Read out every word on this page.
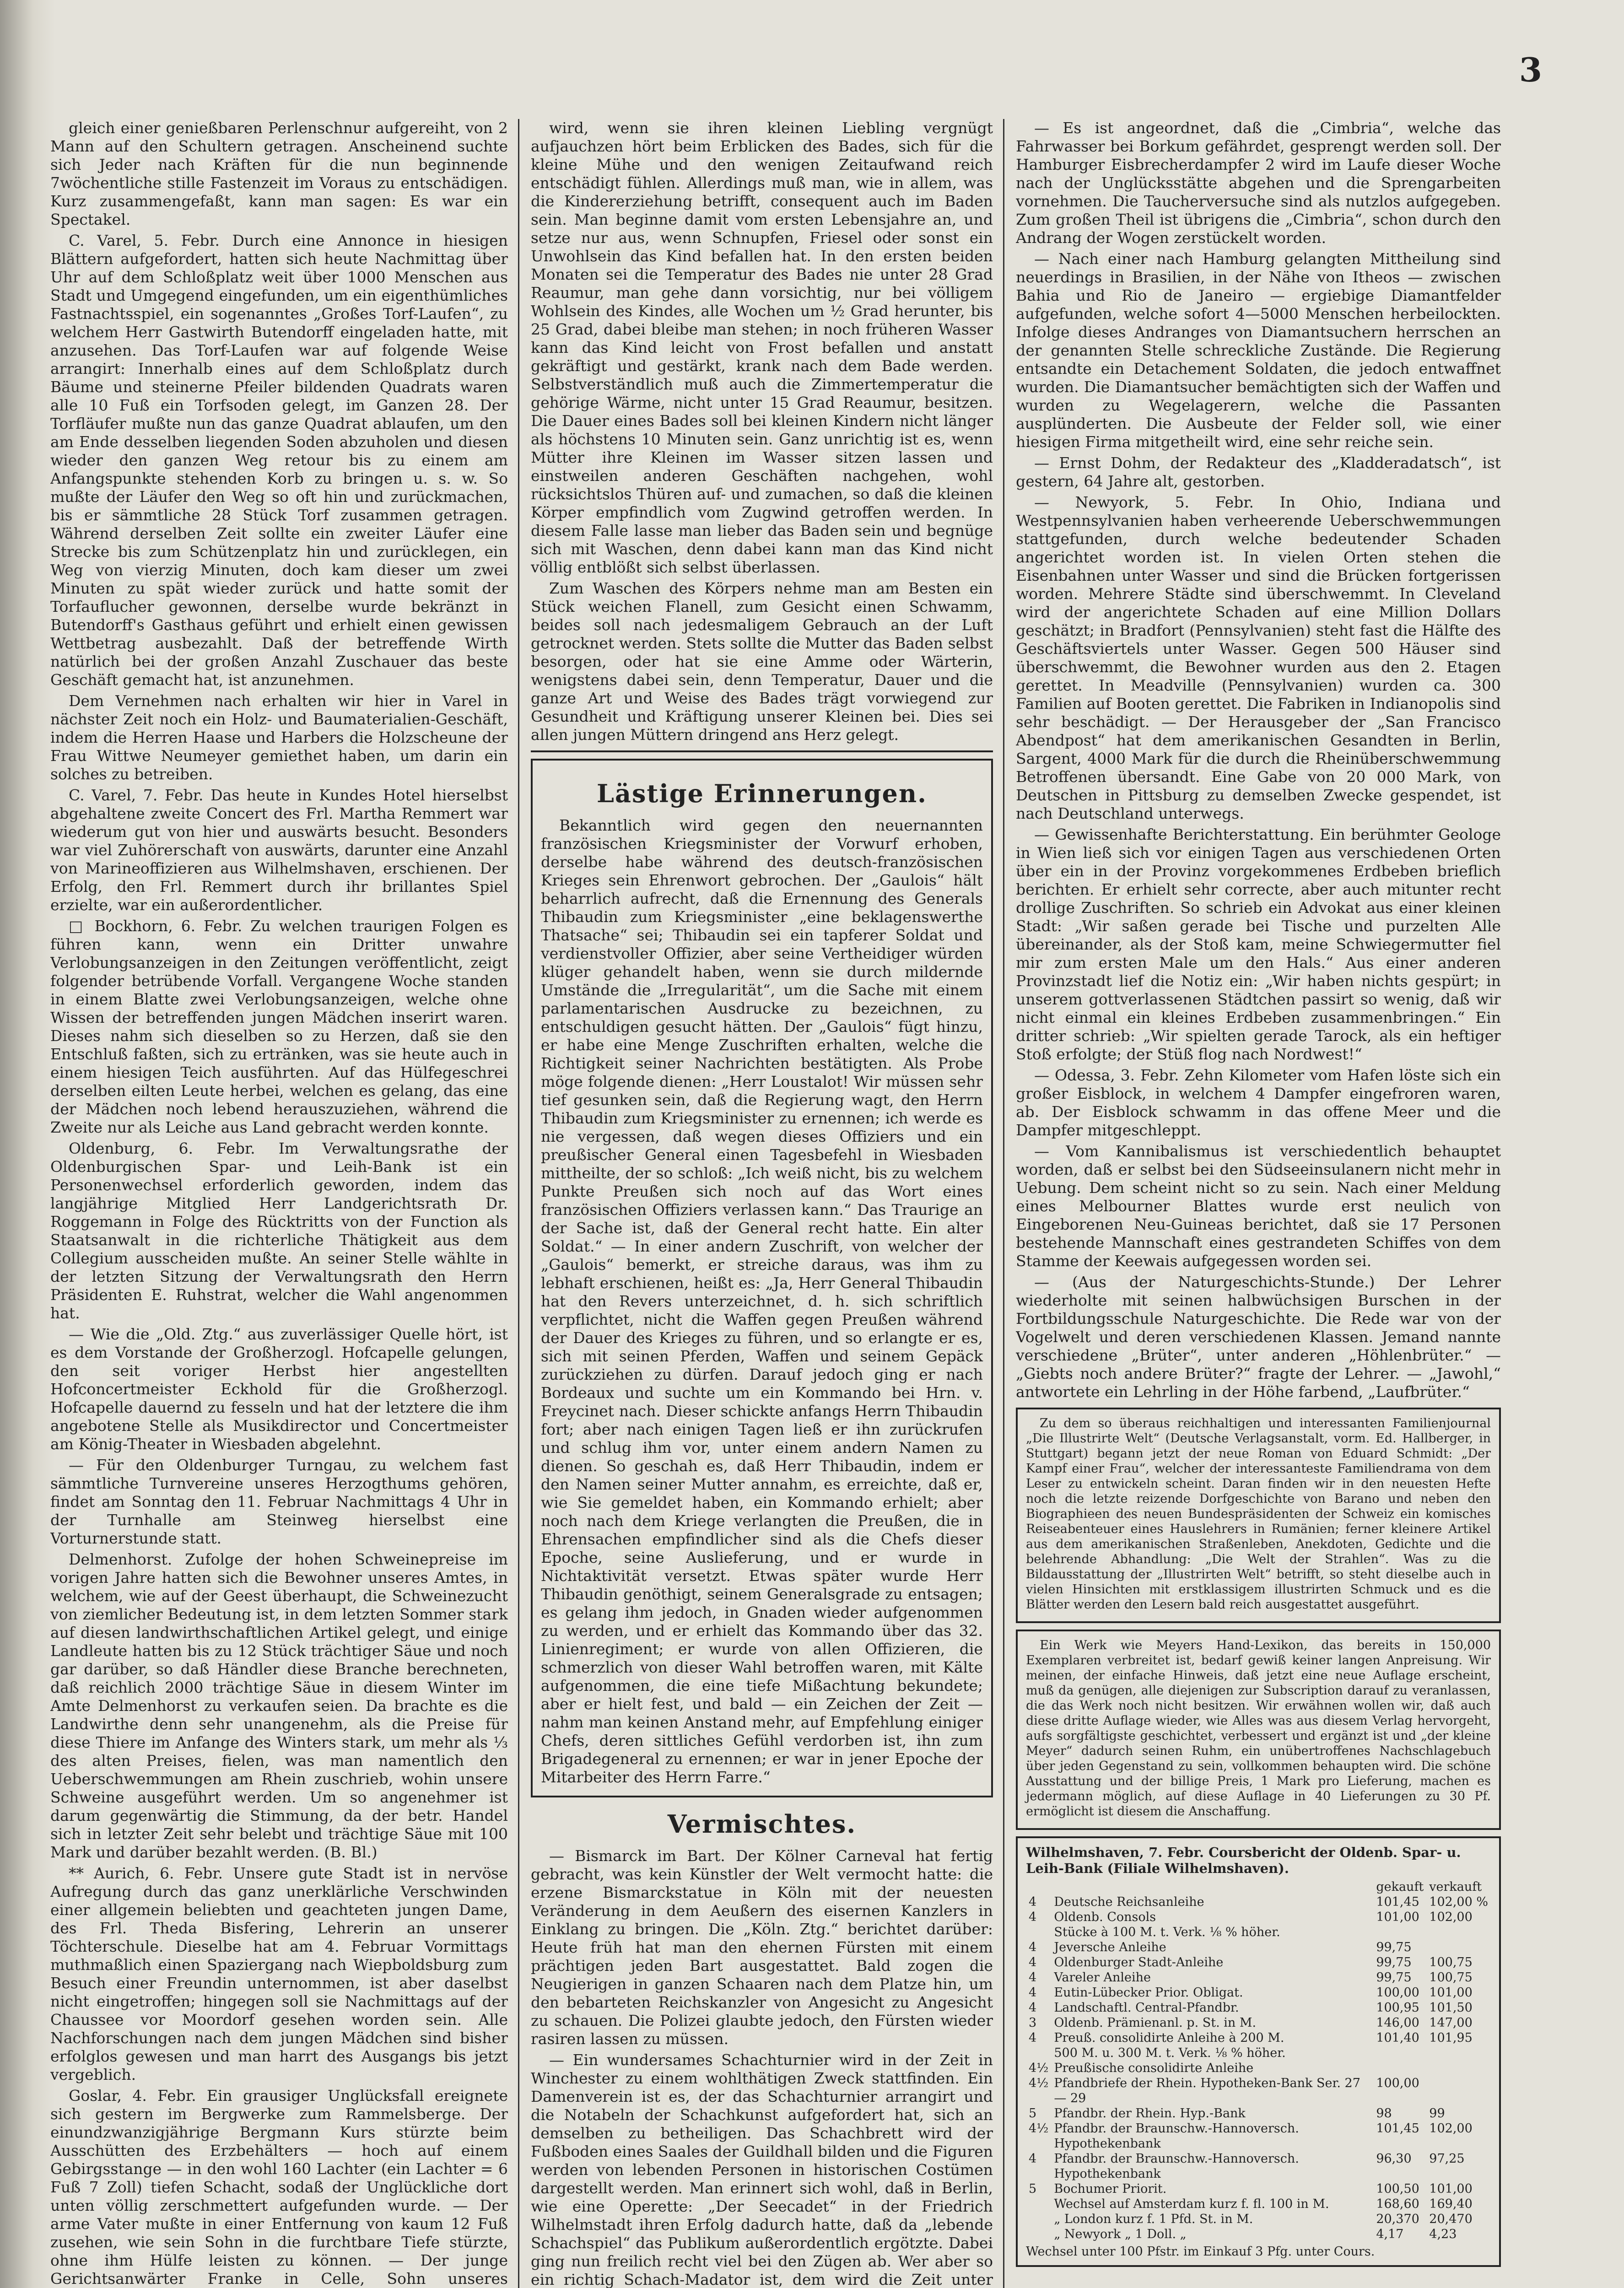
3

gleich einer genießbaren Perlenschnur aufgereiht, von 2 Mann auf den Schultern getragen. Anscheinend suchte sich Jeder nach Kräften für die nun beginnende 7wöchentliche stille Fastenzeit im Voraus zu entschädigen. Kurz zusammengefaßt, kann man sagen: Es war ein Spectakel.

C. Varel, 5. Febr. Durch eine Annonce in hiesigen Blättern aufgefordert, hatten sich heute Nachmittag über Uhr auf dem Schloßplatz weit über 1000 Menschen aus Stadt und Umgegend eingefunden, um ein eigenthümliches Fastnachtsspiel, ein sogenanntes „Großes Torf-Laufen“, zu welchem Herr Gastwirth Butendorff eingeladen hatte, mit anzusehen. Das Torf-Laufen war auf folgende Weise arrangirt: Innerhalb eines auf dem Schloßplatz durch Bäume und steinerne Pfeiler bildenden Quadrats waren alle 10 Fuß ein Torfsoden gelegt, im Ganzen 28. Der Torfläufer mußte nun das ganze Quadrat ablaufen, um den am Ende desselben liegenden Soden abzuholen und diesen wieder den ganzen Weg retour bis zu einem am Anfangspunkte stehenden Korb zu bringen u. s. w. So mußte der Läufer den Weg so oft hin und zurückmachen, bis er sämmtliche 28 Stück Torf zusammen getragen. Während derselben Zeit sollte ein zweiter Läufer eine Strecke bis zum Schützenplatz hin und zurücklegen, ein Weg von vierzig Minuten, doch kam dieser um zwei Minuten zu spät wieder zurück und hatte somit der Torfauflucher gewonnen, derselbe wurde bekränzt in Butendorff's Gasthaus geführt und erhielt einen gewissen Wettbetrag ausbezahlt. Daß der betreffende Wirth natürlich bei der großen Anzahl Zuschauer das beste Geschäft gemacht hat, ist anzunehmen.

Dem Vernehmen nach erhalten wir hier in Varel in nächster Zeit noch ein Holz- und Baumaterialien-Geschäft, indem die Herren Haase und Harbers die Holzscheune der Frau Wittwe Neumeyer gemiethet haben, um darin ein solches zu betreiben.

C. Varel, 7. Febr. Das heute in Kundes Hotel hierselbst abgehaltene zweite Concert des Frl. Martha Remmert war wiederum gut von hier und auswärts besucht. Besonders war viel Zuhörerschaft von auswärts, darunter eine Anzahl von Marineoffizieren aus Wilhelmshaven, erschienen. Der Erfolg, den Frl. Remmert durch ihr brillantes Spiel erzielte, war ein außerordentlicher.

□ Bockhorn, 6. Febr. Zu welchen traurigen Folgen es führen kann, wenn ein Dritter unwahre Verlobungsanzeigen in den Zeitungen veröffentlicht, zeigt folgender betrübende Vorfall. Vergangene Woche standen in einem Blatte zwei Verlobungsanzeigen, welche ohne Wissen der betreffenden jungen Mädchen inserirt waren. Dieses nahm sich dieselben so zu Herzen, daß sie den Entschluß faßten, sich zu ertränken, was sie heute auch in einem hiesigen Teich ausführten. Auf das Hülfegeschrei derselben eilten Leute herbei, welchen es gelang, das eine der Mädchen noch lebend herauszuziehen, während die Zweite nur als Leiche aus Land gebracht werden konnte.

Oldenburg, 6. Febr. Im Verwaltungsrathe der Oldenburgischen Spar- und Leih-Bank ist ein Personenwechsel erforderlich geworden, indem das langjährige Mitglied Herr Landgerichtsrath Dr. Roggemann in Folge des Rücktritts von der Function als Staatsanwalt in die richterliche Thätigkeit aus dem Collegium ausscheiden mußte. An seiner Stelle wählte in der letzten Sitzung der Verwaltungsrath den Herrn Präsidenten E. Ruhstrat, welcher die Wahl angenommen hat.

— Wie die „Old. Ztg.“ aus zuverlässiger Quelle hört, ist es dem Vorstande der Großherzogl. Hofcapelle gelungen, den seit voriger Herbst hier angestellten Hofconcertmeister Eckhold für die Großherzogl. Hofcapelle dauernd zu fesseln und hat der letztere die ihm angebotene Stelle als Musikdirector und Concertmeister am König-Theater in Wiesbaden abgelehnt.

— Für den Oldenburger Turngau, zu welchem fast sämmtliche Turnvereine unseres Herzogthums gehören, findet am Sonntag den 11. Februar Nachmittags 4 Uhr in der Turnhalle am Steinweg hierselbst eine Vorturnerstunde statt.

Delmenhorst. Zufolge der hohen Schweinepreise im vorigen Jahre hatten sich die Bewohner unseres Amtes, in welchem, wie auf der Geest überhaupt, die Schweinezucht von ziemlicher Bedeutung ist, in dem letzten Sommer stark auf diesen landwirthschaftlichen Artikel gelegt, und einige Landleute hatten bis zu 12 Stück trächtiger Säue und noch gar darüber, so daß Händler diese Branche berechneten, daß reichlich 2000 trächtige Säue in diesem Winter im Amte Delmenhorst zu verkaufen seien. Da brachte es die Landwirthe denn sehr unangenehm, als die Preise für diese Thiere im Anfange des Winters stark, um mehr als ⅓ des alten Preises, fielen, was man namentlich den Ueberschwemmungen am Rhein zuschrieb, wohin unsere Schweine ausgeführt werden. Um so angenehmer ist darum gegenwärtig die Stimmung, da der betr. Handel sich in letzter Zeit sehr belebt und trächtige Säue mit 100 Mark und darüber bezahlt werden. (B. Bl.)

** Aurich, 6. Febr. Unsere gute Stadt ist in nervöse Aufregung durch das ganz unerklärliche Verschwinden einer allgemein beliebten und geachteten jungen Dame, des Frl. Theda Bisfering, Lehrerin an unserer Töchterschule. Dieselbe hat am 4. Februar Vormittags muthmaßlich einen Spaziergang nach Wiepboldsburg zum Besuch einer Freundin unternommen, ist aber daselbst nicht eingetroffen; hingegen soll sie Nachmittags auf der Chaussee vor Moordorf gesehen worden sein. Alle Nachforschungen nach dem jungen Mädchen sind bisher erfolglos gewesen und man harrt des Ausgangs bis jetzt vergeblich.

Goslar, 4. Febr. Ein grausiger Unglücksfall ereignete sich gestern im Bergwerke zum Rammelsberge. Der einundzwanzigjährige Bergmann Kurs stürzte beim Ausschütten des Erzbehälters — hoch auf einem Gebirgsstange — in den wohl 160 Lachter (ein Lachter = 6 Fuß 7 Zoll) tiefen Schacht, sodaß der Unglückliche dort unten völlig zerschmettert aufgefunden wurde. — Der arme Vater mußte in einer Entfernung von kaum 12 Fuß zusehen, wie sein Sohn in die furchtbare Tiefe stürzte, ohne ihm Hülfe leisten zu können. — Der junge Gerichtsanwärter Franke in Celle, Sohn unseres

wird, wenn sie ihren kleinen Liebling vergnügt aufjauchzen hört beim Erblicken des Bades, sich für die kleine Mühe und den wenigen Zeitaufwand reich entschädigt fühlen. Allerdings muß man, wie in allem, was die Kindererziehung betrifft, consequent auch im Baden sein. Man beginne damit vom ersten Lebensjahre an, und setze nur aus, wenn Schnupfen, Friesel oder sonst ein Unwohlsein das Kind befallen hat. In den ersten beiden Monaten sei die Temperatur des Bades nie unter 28 Grad Reaumur, man gehe dann vorsichtig, nur bei völligem Wohlsein des Kindes, alle Wochen um ½ Grad herunter, bis 25 Grad, dabei bleibe man stehen; in noch früheren Wasser kann das Kind leicht von Frost befallen und anstatt gekräftigt und gestärkt, krank nach dem Bade werden. Selbstverständlich muß auch die Zimmertemperatur die gehörige Wärme, nicht unter 15 Grad Reaumur, besitzen. Die Dauer eines Bades soll bei kleinen Kindern nicht länger als höchstens 10 Minuten sein. Ganz unrichtig ist es, wenn Mütter ihre Kleinen im Wasser sitzen lassen und einstweilen anderen Geschäften nachgehen, wohl rücksichtslos Thüren auf- und zumachen, so daß die kleinen Körper empfindlich vom Zugwind getroffen werden. In diesem Falle lasse man lieber das Baden sein und begnüge sich mit Waschen, denn dabei kann man das Kind nicht völlig entblößt sich selbst überlassen.

Zum Waschen des Körpers nehme man am Besten ein Stück weichen Flanell, zum Gesicht einen Schwamm, beides soll nach jedesmaligem Gebrauch an der Luft getrocknet werden. Stets sollte die Mutter das Baden selbst besorgen, oder hat sie eine Amme oder Wärterin, wenigstens dabei sein, denn Temperatur, Dauer und die ganze Art und Weise des Bades trägt vorwiegend zur Gesundheit und Kräftigung unserer Kleinen bei. Dies sei allen jungen Müttern dringend ans Herz gelegt.

Lästige Erinnerungen.

Bekanntlich wird gegen den neuernannten französischen Kriegsminister der Vorwurf erhoben, derselbe habe während des deutsch-französischen Krieges sein Ehrenwort gebrochen. Der „Gaulois“ hält beharrlich aufrecht, daß die Ernennung des Generals Thibaudin zum Kriegsminister „eine beklagenswerthe Thatsache“ sei; Thibaudin sei ein tapferer Soldat und verdienstvoller Offizier, aber seine Vertheidiger würden klüger gehandelt haben, wenn sie durch mildernde Umstände die „Irregularität“, um die Sache mit einem parlamentarischen Ausdrucke zu bezeichnen, zu entschuldigen gesucht hätten. Der „Gaulois“ fügt hinzu, er habe eine Menge Zuschriften erhalten, welche die Richtigkeit seiner Nachrichten bestätigten. Als Probe möge folgende dienen: „Herr Loustalot! Wir müssen sehr tief gesunken sein, daß die Regierung wagt, den Herrn Thibaudin zum Kriegsminister zu ernennen; ich werde es nie vergessen, daß wegen dieses Offiziers und ein preußischer General einen Tagesbefehl in Wiesbaden mittheilte, der so schloß: „Ich weiß nicht, bis zu welchem Punkte Preußen sich noch auf das Wort eines französischen Offiziers verlassen kann.“ Das Traurige an der Sache ist, daß der General recht hatte. Ein alter Soldat.“ — In einer andern Zuschrift, von welcher der „Gaulois“ bemerkt, er streiche daraus, was ihm zu lebhaft erschienen, heißt es: „Ja, Herr General Thibaudin hat den Revers unterzeichnet, d. h. sich schriftlich verpflichtet, nicht die Waffen gegen Preußen während der Dauer des Krieges zu führen, und so erlangte er es, sich mit seinen Pferden, Waffen und seinem Gepäck zurückziehen zu dürfen. Darauf jedoch ging er nach Bordeaux und suchte um ein Kommando bei Hrn. v. Freycinet nach. Dieser schickte anfangs Herrn Thibaudin fort; aber nach einigen Tagen ließ er ihn zurückrufen und schlug ihm vor, unter einem andern Namen zu dienen. So geschah es, daß Herr Thibaudin, indem er den Namen seiner Mutter annahm, es erreichte, daß er, wie Sie gemeldet haben, ein Kommando erhielt; aber noch nach dem Kriege verlangten die Preußen, die in Ehrensachen empfindlicher sind als die Chefs dieser Epoche, seine Auslieferung, und er wurde in Nichtaktivität versetzt. Etwas später wurde Herr Thibaudin genöthigt, seinem Generalsgrade zu entsagen; es gelang ihm jedoch, in Gnaden wieder aufgenommen zu werden, und er erhielt das Kommando über das 32. Linienregiment; er wurde von allen Offizieren, die schmerzlich von dieser Wahl betroffen waren, mit Kälte aufgenommen, die eine tiefe Mißachtung bekundete; aber er hielt fest, und bald — ein Zeichen der Zeit — nahm man keinen Anstand mehr, auf Empfehlung einiger Chefs, deren sittliches Gefühl verdorben ist, ihn zum Brigadegeneral zu ernennen; er war in jener Epoche der Mitarbeiter des Herrn Farre.“

Vermischtes.

— Bismarck im Bart. Der Kölner Carneval hat fertig gebracht, was kein Künstler der Welt vermocht hatte: die erzene Bismarckstatue in Köln mit der neuesten Veränderung in dem Aeußern des eisernen Kanzlers in Einklang zu bringen. Die „Köln. Ztg.“ berichtet darüber: Heute früh hat man den ehernen Fürsten mit einem prächtigen jeden Bart ausgestattet. Bald zogen die Neugierigen in ganzen Schaaren nach dem Platze hin, um den bebarteten Reichskanzler von Angesicht zu Angesicht zu schauen. Die Polizei glaubte jedoch, den Fürsten wieder rasiren lassen zu müssen.

— Ein wundersames Schachturnier wird in der Zeit in Winchester zu einem wohlthätigen Zweck stattfinden. Ein Damenverein ist es, der das Schachturnier arrangirt und die Notabeln der Schachkunst aufgefordert hat, sich an demselben zu betheiligen. Das Schachbrett wird der Fußboden eines Saales der Guildhall bilden und die Figuren werden von lebenden Personen in historischen Costümen dargestellt werden. Man erinnert sich wohl, daß in Berlin, wie eine Operette: „Der Seecadet“ in der Friedrich Wilhelmstadt ihren Erfolg dadurch hatte, daß da „lebende Schachspiel“ das Publikum außerordentlich ergötzte. Dabei ging nun freilich recht viel bei den Zügen ab. Wer aber so ein richtig Schach-Madator ist, dem wird die Zeit unter

— Es ist angeordnet, daß die „Cimbria“, welche das Fahrwasser bei Borkum gefährdet, gesprengt werden soll. Der Hamburger Eisbrecherdampfer 2 wird im Laufe dieser Woche nach der Unglücksstätte abgehen und die Sprengarbeiten vornehmen. Die Taucherversuche sind als nutzlos aufgegeben. Zum großen Theil ist übrigens die „Cimbria“, schon durch den Andrang der Wogen zerstückelt worden.

— Nach einer nach Hamburg gelangten Mittheilung sind neuerdings in Brasilien, in der Nähe von Itheos — zwischen Bahia und Rio de Janeiro — ergiebige Diamantfelder aufgefunden, welche sofort 4—5000 Menschen herbeilockten. Infolge dieses Andranges von Diamantsuchern herrschen an der genannten Stelle schreckliche Zustände. Die Regierung entsandte ein Detachement Soldaten, die jedoch entwaffnet wurden. Die Diamantsucher bemächtigten sich der Waffen und wurden zu Wegelagerern, welche die Passanten ausplünderten. Die Ausbeute der Felder soll, wie einer hiesigen Firma mitgetheilt wird, eine sehr reiche sein.

— Ernst Dohm, der Redakteur des „Kladderadatsch“, ist gestern, 64 Jahre alt, gestorben.

— Newyork, 5. Febr. In Ohio, Indiana und Westpennsylvanien haben verheerende Ueberschwemmungen stattgefunden, durch welche bedeutender Schaden angerichtet worden ist. In vielen Orten stehen die Eisenbahnen unter Wasser und sind die Brücken fortgerissen worden. Mehrere Städte sind überschwemmt. In Cleveland wird der angerichtete Schaden auf eine Million Dollars geschätzt; in Bradfort (Pennsylvanien) steht fast die Hälfte des Geschäftsviertels unter Wasser. Gegen 500 Häuser sind überschwemmt, die Bewohner wurden aus den 2. Etagen gerettet. In Meadville (Pennsylvanien) wurden ca. 300 Familien auf Booten gerettet. Die Fabriken in Indianopolis sind sehr beschädigt. — Der Herausgeber der „San Francisco Abendpost“ hat dem amerikanischen Gesandten in Berlin, Sargent, 4000 Mark für die durch die Rheinüberschwemmung Betroffenen übersandt. Eine Gabe von 20 000 Mark, von Deutschen in Pittsburg zu demselben Zwecke gespendet, ist nach Deutschland unterwegs.

— Gewissenhafte Berichterstattung. Ein berühmter Geologe in Wien ließ sich vor einigen Tagen aus verschiedenen Orten über ein in der Provinz vorgekommenes Erdbeben brieflich berichten. Er erhielt sehr correcte, aber auch mitunter recht drollige Zuschriften. So schrieb ein Advokat aus einer kleinen Stadt: „Wir saßen gerade bei Tische und purzelten Alle übereinander, als der Stoß kam, meine Schwiegermutter fiel mir zum ersten Male um den Hals.“ Aus einer anderen Provinzstadt lief die Notiz ein: „Wir haben nichts gespürt; in unserem gottverlassenen Städtchen passirt so wenig, daß wir nicht einmal ein kleines Erdbeben zusammenbringen.“ Ein dritter schrieb: „Wir spielten gerade Tarock, als ein heftiger Stoß erfolgte; der Stüß flog nach Nordwest!“

— Odessa, 3. Febr. Zehn Kilometer vom Hafen löste sich ein großer Eisblock, in welchem 4 Dampfer eingefroren waren, ab. Der Eisblock schwamm in das offene Meer und die Dampfer mitgeschleppt.

— Vom Kannibalismus ist verschiedentlich behauptet worden, daß er selbst bei den Südseeinsulanern nicht mehr in Uebung. Dem scheint nicht so zu sein. Nach einer Meldung eines Melbourner Blattes wurde erst neulich von Eingeborenen Neu-Guineas berichtet, daß sie 17 Personen bestehende Mannschaft eines gestrandeten Schiffes von dem Stamme der Keewais aufgegessen worden sei.

— (Aus der Naturgeschichts-Stunde.) Der Lehrer wiederholte mit seinen halbwüchsigen Burschen in der Fortbildungsschule Naturgeschichte. Die Rede war von der Vogelwelt und deren verschiedenen Klassen. Jemand nannte verschiedene „Brüter“, unter anderen „Höhlenbrüter.“ — „Giebts noch andere Brüter?“ fragte der Lehrer. — „Jawohl,“ antwortete ein Lehrling in der Höhe farbend, „Laufbrüter.“

Zu dem so überaus reichhaltigen und interessanten Familienjournal „Die Illustrirte Welt“ (Deutsche Verlagsanstalt, vorm. Ed. Hallberger, in Stuttgart) begann jetzt der neue Roman von Eduard Schmidt: „Der Kampf einer Frau“, welcher der interessanteste Familiendrama von dem Leser zu entwickeln scheint. Daran finden wir in den neuesten Hefte noch die letzte reizende Dorfgeschichte von Barano und neben den Biographieen des neuen Bundespräsidenten der Schweiz ein komisches Reiseabenteuer eines Hauslehrers in Rumänien; ferner kleinere Artikel aus dem amerikanischen Straßenleben, Anekdoten, Gedichte und die belehrende Abhandlung: „Die Welt der Strahlen“. Was zu die Bildausstattung der „Illustrirten Welt“ betrifft, so steht dieselbe auch in vielen Hinsichten mit erstklassigem illustrirten Schmuck und es die Blätter werden den Lesern bald reich ausgestattet ausgeführt.

Ein Werk wie Meyers Hand-Lexikon, das bereits in 150,000 Exemplaren verbreitet ist, bedarf gewiß keiner langen Anpreisung. Wir meinen, der einfache Hinweis, daß jetzt eine neue Auflage erscheint, muß da genügen, alle diejenigen zur Subscription darauf zu veranlassen, die das Werk noch nicht besitzen. Wir erwähnen wollen wir, daß auch diese dritte Auflage wieder, wie Alles was aus diesem Verlag hervorgeht, aufs sorgfältigste geschichtet, verbessert und ergänzt ist und „der kleine Meyer“ dadurch seinen Ruhm, ein unübertroffenes Nachschlagebuch über jeden Gegenstand zu sein, vollkommen behaupten wird. Die schöne Ausstattung und der billige Preis, 1 Mark pro Lieferung, machen es jedermann möglich, auf diese Auflage in 40 Lieferungen zu 30 Pf. ermöglicht ist diesem die Anschaffung.

Wilhelmshaven, 7. Febr. Coursbericht der Oldenb. Spar- u. Leih-Bank (Filiale Wilhelmshaven).
		gekauft	verkauft
4	Deutsche Reichsanleihe	101,45	102,00 %
4	Oldenb. Consols	101,00	102,00
	Stücke à 100 M. t. Verk. ⅛ % höher.		
4	Jeversche Anleihe	99,75	
4	Oldenburger Stadt-Anleihe	99,75	100,75
4	Vareler Anleihe	99,75	100,75
4	Eutin-Lübecker Prior. Obligat.	100,00	101,00
4	Landschaftl. Central-Pfandbr.	100,95	101,50
3	Oldenb. Prämienanl. p. St. in M.	146,00	147,00
4	Preuß. consolidirte Anleihe à 200 M.	101,40	101,95
	500 M. u. 300 M. t. Verk. ⅛ % höher.		
4½	Preußische consolidirte Anleihe		
4½	Pfandbriefe der Rhein. Hypotheken-Bank Ser. 27 — 29	100,00	
5	Pfandbr. der Rhein. Hyp.-Bank	98	99
4½	Pfandbr. der Braunschw.-Hannoversch. Hypothekenbank	101,45	102,00
4	Pfandbr. der Braunschw.-Hannoversch. Hypothekenbank	96,30	97,25
5	Bochumer Priorit.	100,50	101,00
	Wechsel auf Amsterdam kurz f. fl. 100 in M.	168,60	169,40
	„ London kurz f. 1 Pfd. St. in M.	20,370	20,470
	„ Newyork „ 1 Doll. „	4,17	4,23
Wechsel unter 100 Pfstr. im Einkauf 3 Pfg. unter Cours.
